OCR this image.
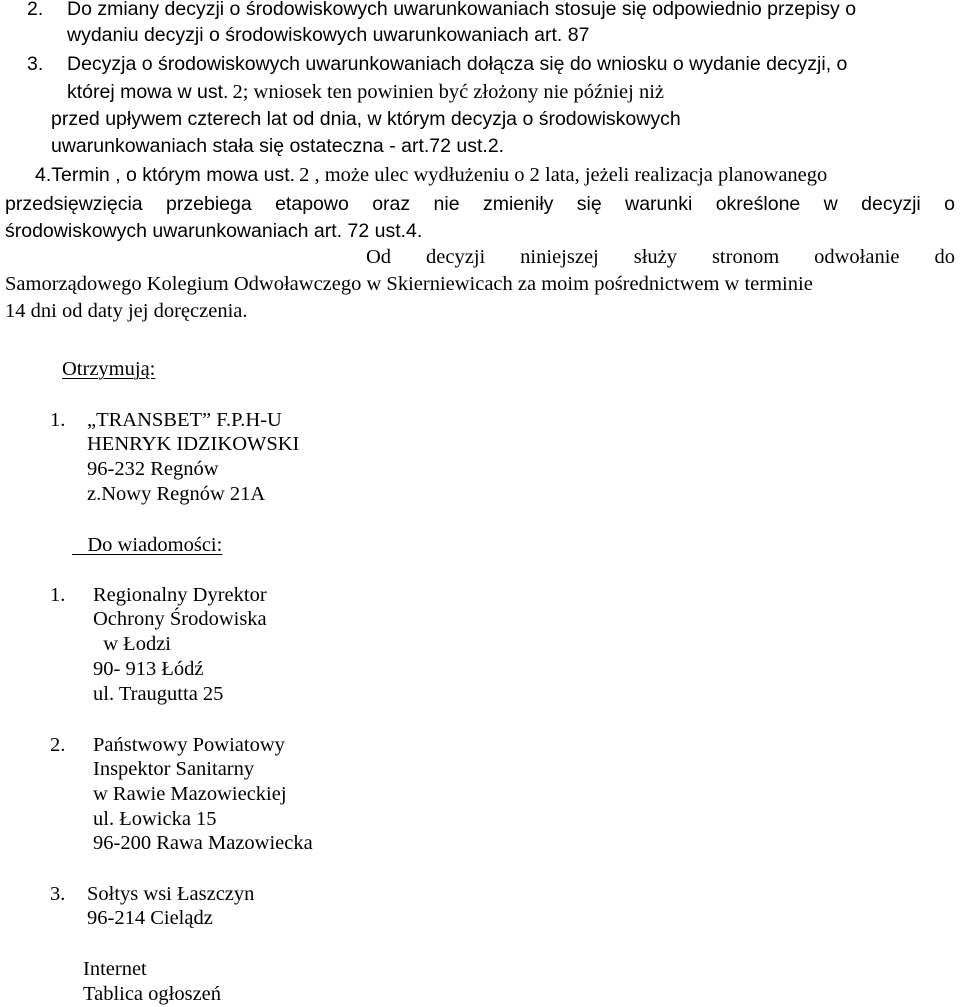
2. Do zmiany decyzji o środowiskowych uwarunkowaniach stosuje się odpowiednio przepisy o
wydaniu decyzji o środowiskowych uwarunkowaniach art. 87
3. Decyzja o środowiskowych uwarunkowaniach dołącza się do wniosku o wydanie decyzji, o
której mowa w ust. 2; wniosek ten powinien być złożony nie później niż
przed upływem czterech lat od dnia, w którym decyzja o środowiskowych
uwarunkowaniach stała się ostateczna - art.72 ust.2.
4.Termin , o którym mowa ust. 2 , może ulec wydłużeniu o 2 lata, jeżeli realizacja planowanego
przedsięwzięcia przebiega etapowo oraz nie zmieniły się warunki określone w decyzji o
środowiskowych uwarunkowaniach art. 72 ust.4.
Od decyzji niniejszej służy stronom odwołanie do
Samorządowego Kolegium Odwoławczego w Skierniewicach za moim pośrednictwem w terminie
14 dni od daty jej doręczenia.
Otrzymują:
1. „TRANSBET” F.P.H-U
HENRYK IDZIKOWSKI
96-232 Regnów
z.Nowy Regnów 21A
Do wiadomości:
1. Regionalny Dyrektor
Ochrony Środowiska
w Łodzi
90- 913 Łódź
ul. Traugutta 25
2. Państwowy Powiatowy
Inspektor Sanitarny
w Rawie Mazowieckiej
ul. Łowicka 15
96-200 Rawa Mazowiecka
3. Sołtys wsi Łaszczyn
96-214 Cielądz
Internet
Tablica ogłoszeń
